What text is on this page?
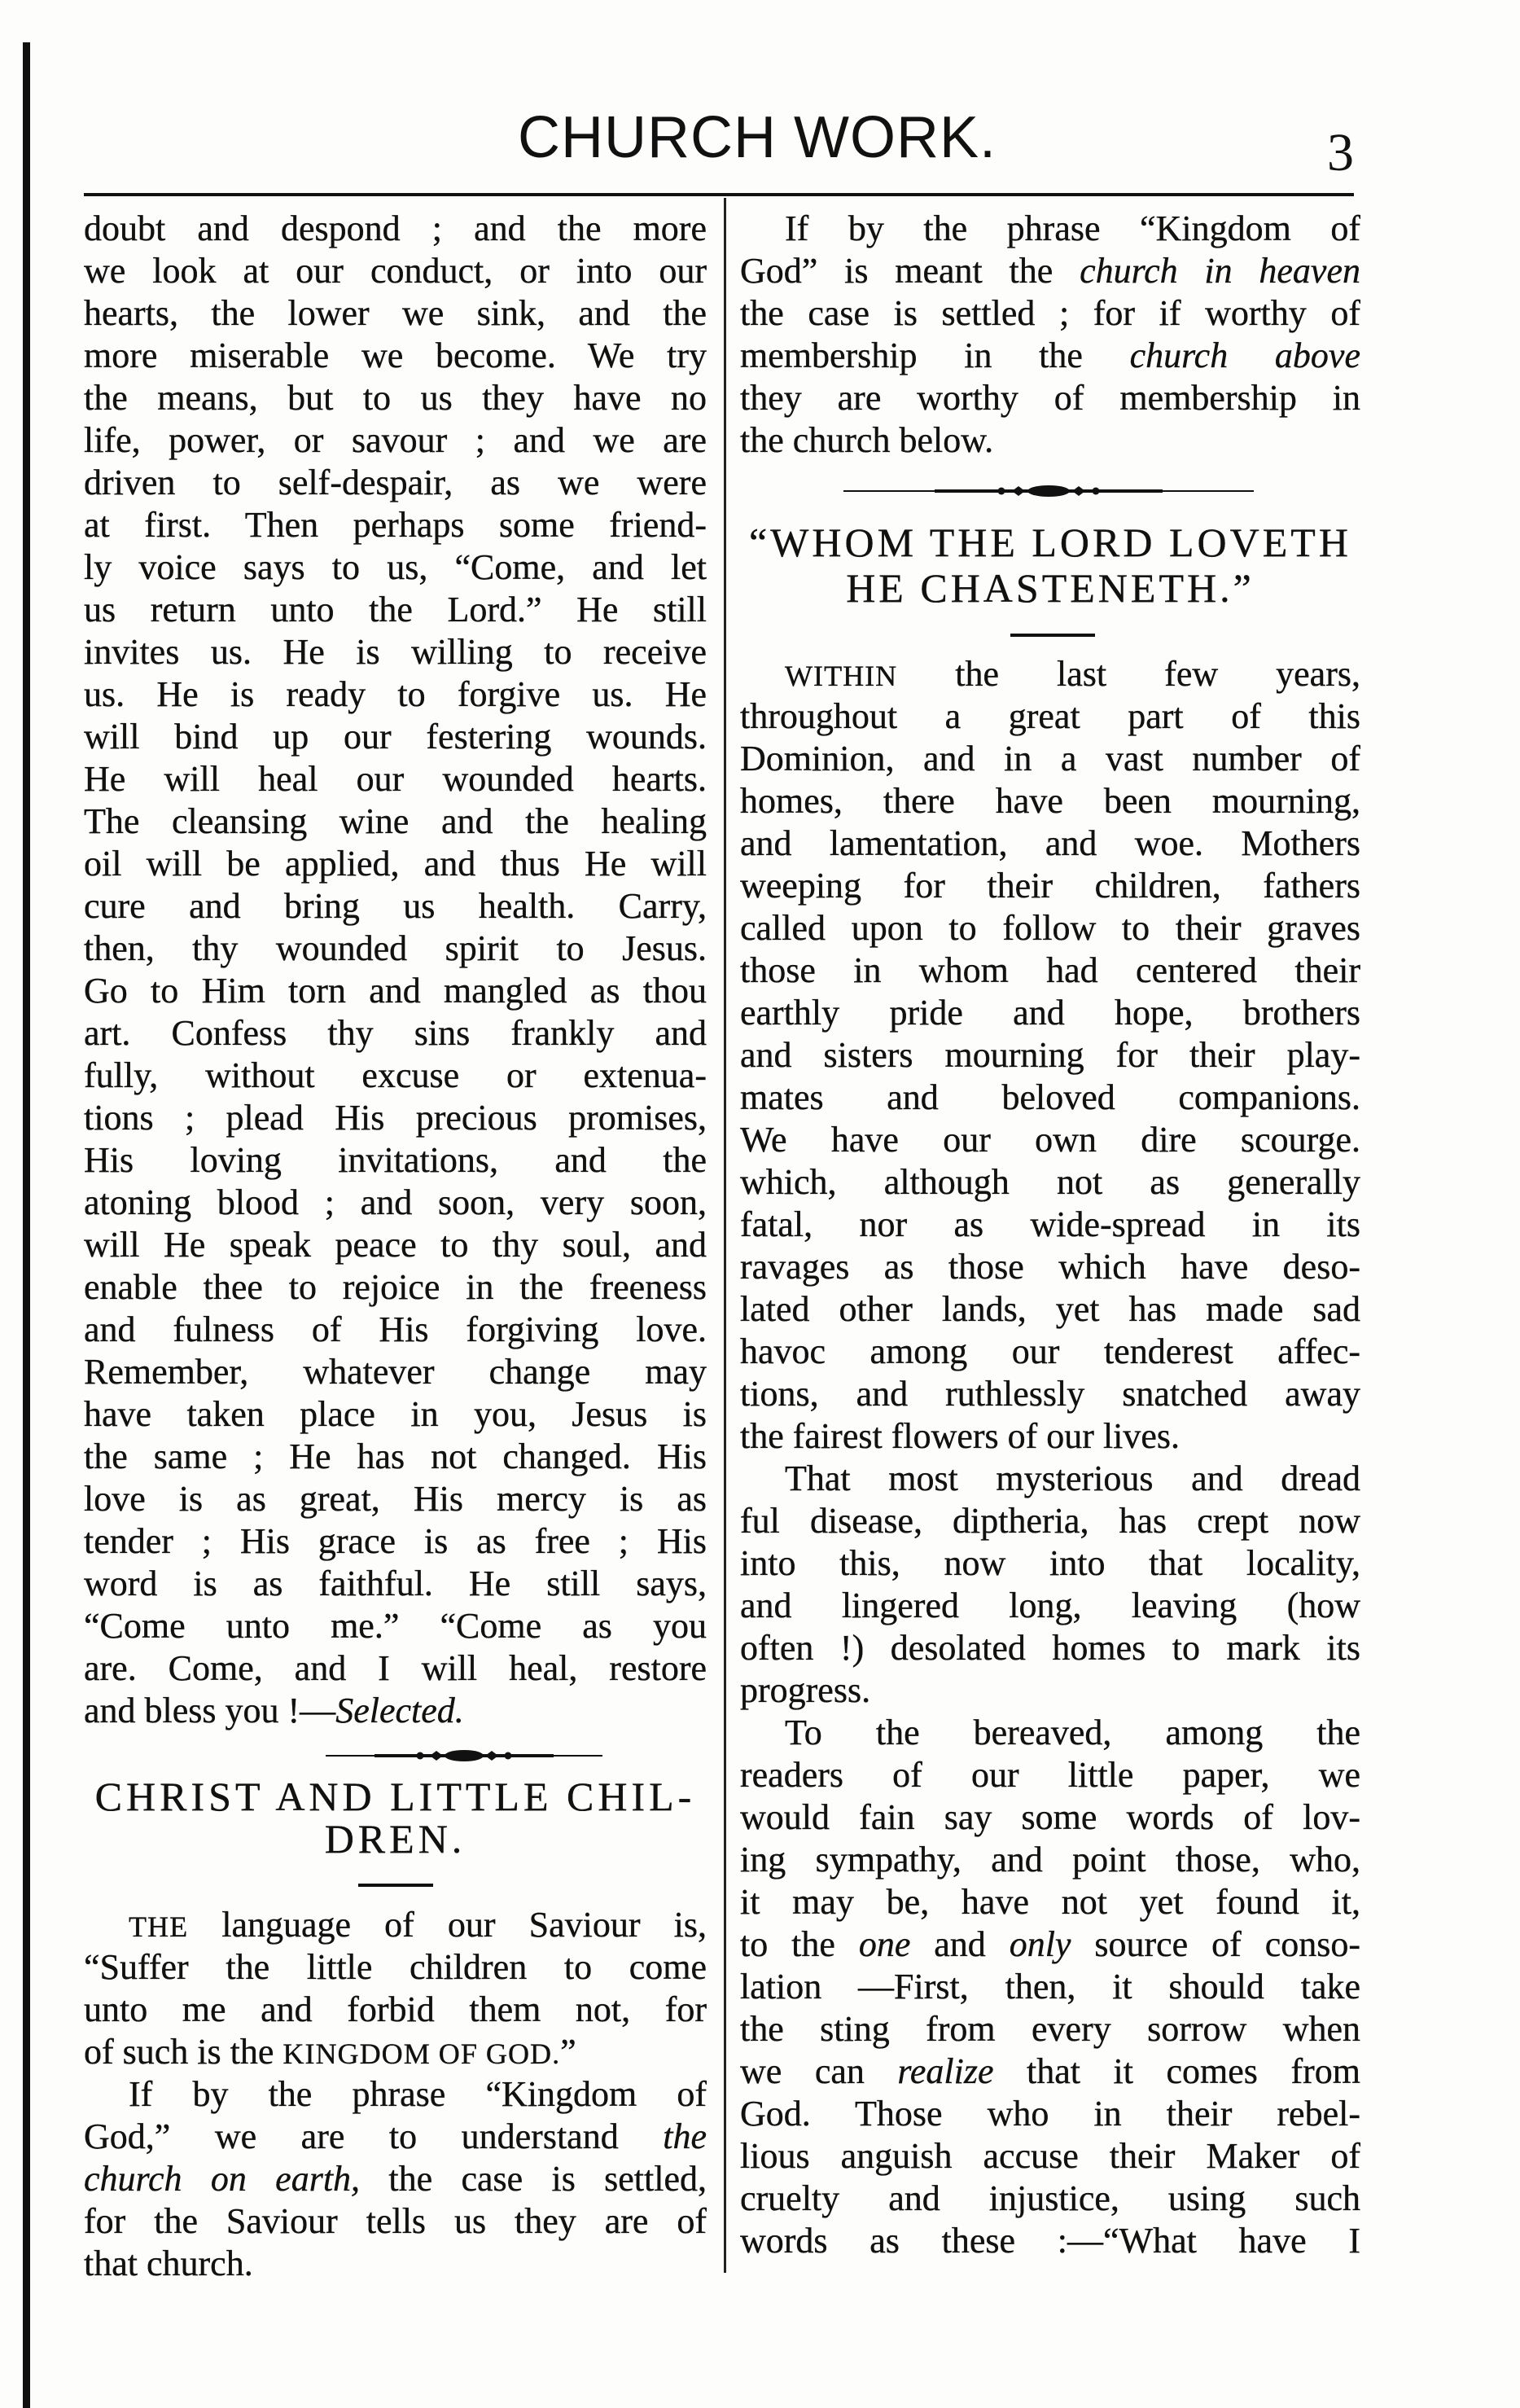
CHURCH WORK.	3
doubt and despond ; and the more
we look at our conduct, or into our
hearts, the lower we sink, and the
more miserable we become. We try
the means, but to us they have no
life, power, or savour ; and we are
driven to self-despair, as we were
at first. Then perhaps some friend-
ly voice says to us, “Come, and let
us return unto the Lord.” He still
invites us. He is willing to receive
us. He is ready to forgive us. He
will bind up our festering wounds.
He will heal our wounded hearts.
The cleansing wine and the healing
oil will be applied, and thus He will
cure and bring us health. Carry,
then, thy wounded spirit to Jesus.
Go to Him torn and mangled as thou
art. Confess thy sins frankly and
fully, without excuse or extenua-
tions ; plead His precious promises,
His loving invitations, and the
atoning blood ; and soon, very soon,
will He speak peace to thy soul, and
enable thee to rejoice in the freeness
and fulness of His forgiving love.
Remember, whatever change may
have taken place in you, Jesus is
the same ; He has not changed. His
love is as great, His mercy is as
tender ; His grace is as free ; His
word is as faithful. He still says,
“Come unto me.” “Come as you
are. Come, and I will heal, restore
and bless you !—Selected.
CHRIST AND LITTLE CHIL-
DREN.
THE language of our Saviour is,
“Suffer the little children to come
unto me and forbid them not, for
of such is the KINGDOM OF GOD.”
If by the phrase “Kingdom of
God,” we are to understand the
church on earth, the case is settled,
for the Saviour tells us they are of
that church.
If by the phrase “Kingdom of
God” is meant the church in heaven
the case is settled ; for if worthy of
membership in the church above
they are worthy of membership in
the church below.
“WHOM THE LORD LOVETH
HE CHASTENETH.”
WITHIN the last few years,
throughout a great part of this
Dominion, and in a vast number of
homes, there have been mourning,
and lamentation, and woe. Mothers
weeping for their children, fathers
called upon to follow to their graves
those in whom had centered their
earthly pride and hope, brothers
and sisters mourning for their play-
mates and beloved companions.
We have our own dire scourge.
which, although not as generally
fatal, nor as wide-spread in its
ravages as those which have deso-
lated other lands, yet has made sad
havoc among our tenderest affec-
tions, and ruthlessly snatched away
the fairest flowers of our lives.
That most mysterious and dread
ful disease, diptheria, has crept now
into this, now into that locality,
and lingered long, leaving (how
often !) desolated homes to mark its
progress.
To the bereaved, among the
readers of our little paper, we
would fain say some words of lov-
ing sympathy, and point those, who,
it may be, have not yet found it,
to the one and only source of conso-
lation —First, then, it should take
the sting from every sorrow when
we can realize that it comes from
God. Those who in their rebel-
lious anguish accuse their Maker of
cruelty and injustice, using such
words as these :—“What have I
